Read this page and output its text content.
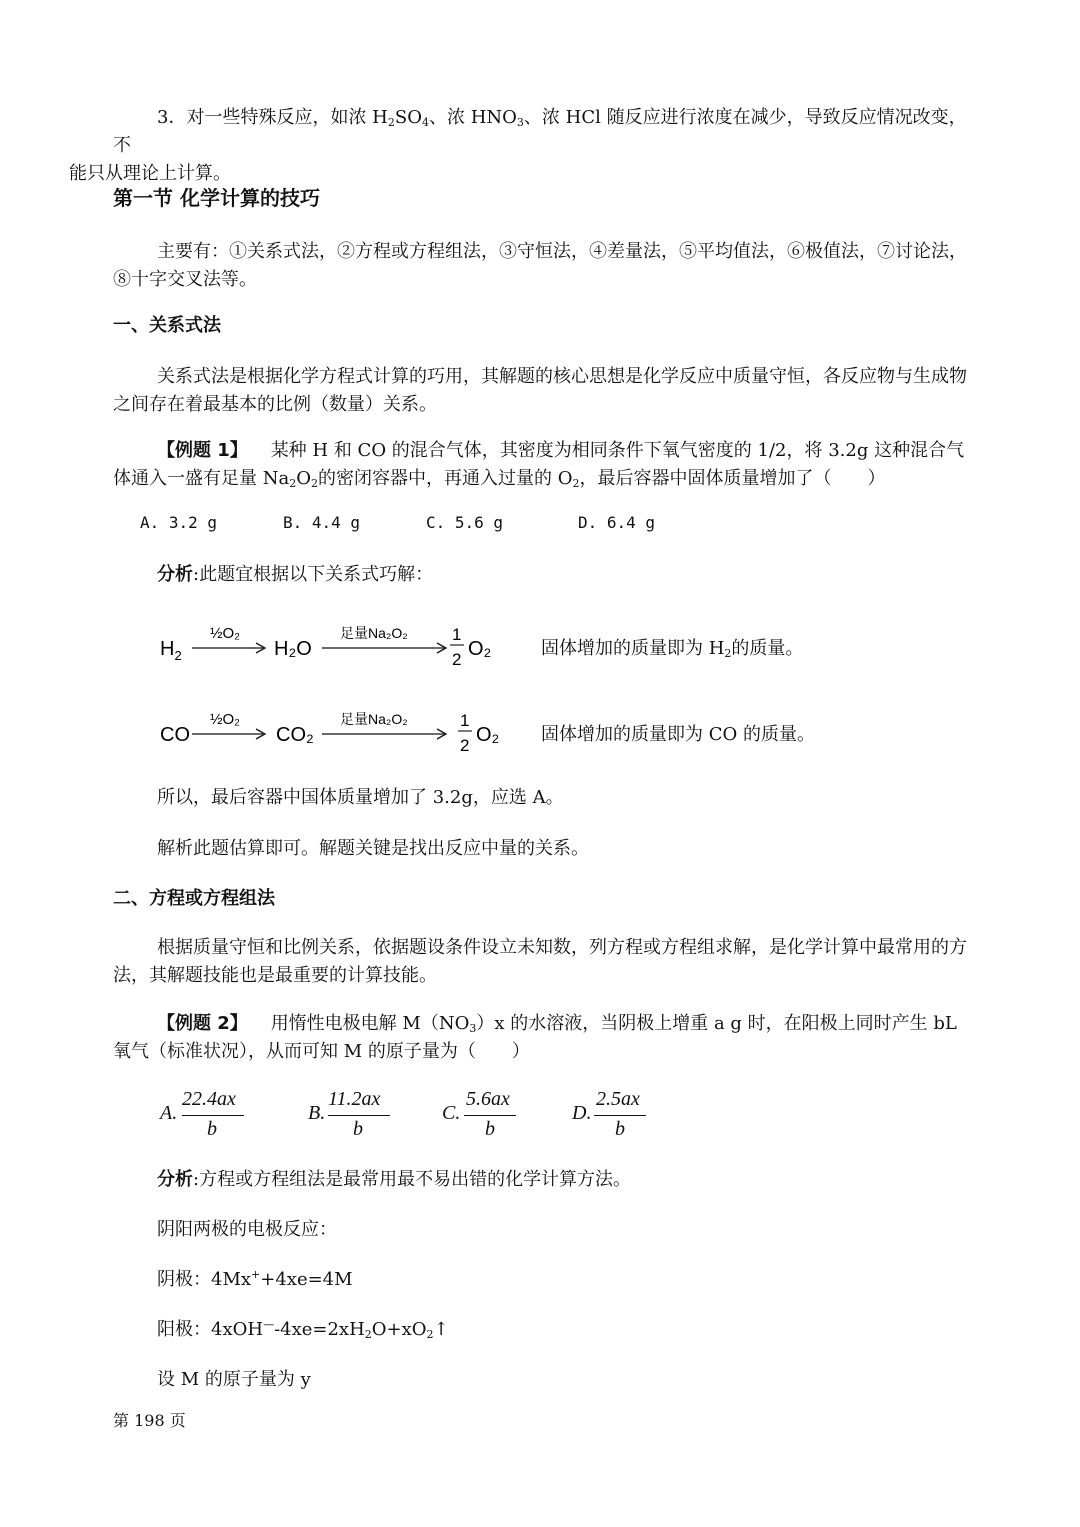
3．对一些特殊反应，如浓 $H_2SO_4$、浓 $HNO_3$、浓 HCl 随反应进行浓度在减少，导致反应情况改变，不
能只从理论上计算。
第一节 化学计算的技巧
主要有：①关系式法，②方程或方程组法，③守恒法，④差量法，⑤平均值法，⑥极值法，⑦讨论法，⑧十字交叉法等。
一、关系式法
关系式法是根据化学方程式计算的巧用，其解题的核心思想是化学反应中质量守恒，各反应物与生成物之间存在着最基本的比例（数量）关系。
【例题 1】 某种 H 和 CO 的混合气体，其密度为相同条件下氧气密度的 1/2，将 3.2g 这种混合气体通入一盛有足量 $Na_2O_2$的密闭容器中，再通入过量的 $O_2$，最后容器中固体质量增加了（　　）
A. 3.2 g	B. 4.4 g	C. 5.6 g	D. 6.4 g
分析:此题宜根据以下关系式巧解：
$H_2$
½O₂
H₂O
足量Na₂O₂	1
2 O₂	固体增加的质量即为 $H_2$的质量。
CO
½O₂
CO₂
足量Na₂O₂	1
2 O₂ 固体增加的质量即为 CO 的质量。
所以，最后容器中国体质量增加了 3.2g，应选 A。
解析此题估算即可。解题关键是找出反应中量的关系。
二、方程或方程组法
根据质量守恒和比例关系，依据题设条件设立未知数，列方程或方程组求解，是化学计算中最常用的方法，其解题技能也是最重要的计算技能。
【例题 2】 用惰性电极电解 $M(NO_3)x$ 的水溶液，当阴极上增重 a g 时，在阳极上同时产生 bL 氧气（标准状况），从而可知 M 的原子量为（　　）
A.
22.4ax
b
B.
11.2ax
b
C.
5.6ax
b
D.
2.5ax
b
分析:方程或方程组法是最常用最不易出错的化学计算方法。
阴阳两极的电极反应：
阴极：4Mx++4xe=4M
阳极：$4xOH^—-4xe=2xH_2O+xO_2↑$
设 M 的原子量为 y
第 198 页
